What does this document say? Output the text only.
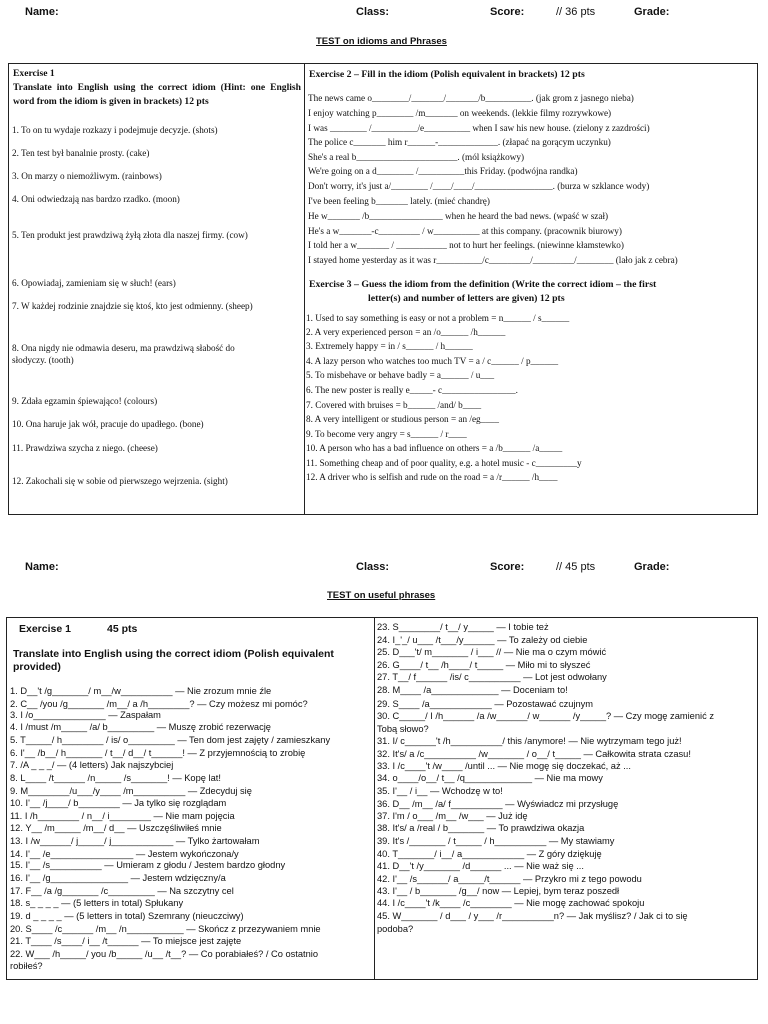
Name:	Class:	Score:	// 36 pts	Grade:
TEST on idioms and Phrases
Exercise 1
Translate into English using the correct idiom (Hint: one English word from the idiom is given in brackets) 12 pts
1. To on tu wydaje rozkazy i podejmuje decyzje. (shots)
2. Ten test był banalnie prosty. (cake)
3. On marzy o niemożliwym. (rainbows)
4. Oni odwiedzają nas bardzo rzadko. (moon)
5. Ten produkt jest prawdziwą żyłą złota dla naszej firmy. (cow)
6. Opowiadaj, zamieniam się w słuch! (ears)
7. W każdej rodzinie znajdzie się ktoś, kto jest odmienny. (sheep)
8. Ona nigdy nie odmawia deseru, ma prawdziwą słabość do
słodyczy. (tooth)
9. Zdała egzamin śpiewająco! (colours)
10. Ona haruje jak wół, pracuje do upadłego. (bone)
11. Prawdziwa szycha z niego. (cheese)
12. Zakochali się w sobie od pierwszego wejrzenia. (sight)
Exercise 2 – Fill in the idiom (Polish equivalent in brackets) 12 pts
The news came o________/_______/_______/b__________. (jak grom z jasnego nieba)
I enjoy watching p________ /m_______ on weekends. (lekkie filmy rozrywkowe)
I was ________ /__________/e__________ when I saw his new house. (zielony z zazdrości)
The police c_______ him r______-_____________. (złapać na gorącym uczynku)
She's a real b______________________. (mól książkowy)
We're going on a d________ /__________this Friday. (podwójna randka)
Don't worry, it's just a/________ /____/____/_________________. (burza w szklance wody)
I've been feeling b_______ lately. (mieć chandrę)
He w_______ /b________________ when he heard the bad news. (wpaść w szał)
He's a w_______-c_________ / w__________ at this company. (pracownik biurowy)
I told her a w_______ / ___________ not to hurt her feelings. (niewinne kłamstewko)
I stayed home yesterday as it was r__________/c_________/_________/________ (lało jak z cebra)
Exercise 3 – Guess the idiom from the definition (Write the correct idiom – the first
letter(s) and number of letters are given) 12 pts
1. Used to say something is easy or not a problem = n______ / s______
2. A very experienced person = an /o______ /h______
3. Extremely happy = in / s______ / h______
4. A lazy person who watches too much TV = a / c______ / p______
5. To misbehave or behave badly = a______ / u___
6. The new poster is really e_____- c________________.
7. Covered with bruises = b______ /and/ b____
8. A very intelligent or studious person = an /eg____
9. To become very angry = s______ / r____
10. A person who has a bad influence on others = a /b______ /a_____
11. Something cheap and of poor quality, e.g. a hotel music - c_________y
12. A driver who is selfish and rude on the road = a /r______ /h____
Name:	Class:	Score:	// 45 pts	Grade:
TEST on useful phrases
Exercise 1	45 pts
Translate into English using the correct idiom (Polish equivalent
provided)
1. D__'t /g_______/ m__/w__________ — Nie zrozum mnie źle
2. C__ /you /g_______ /m__/ a /h________? — Czy możesz mi pomóc?
3. I /o______________ — Zaspałam
4. I /must /m_____ /a/ b_________ — Muszę zrobić rezerwację
5. T_____/ h________ / is/ o_________ — Ten dom jest zajęty / zamieszkany
6. I'__ /b__/ h_______ / t__/ d__/ t______! — Z przyjemnością to zrobię
7. /A _ _ _/ — (4 letters) Jak najszybciej
8. L____ /t______ /n_____ /s_______! — Kopę lat!
9. M________/u___/y____ /m__________ — Zdecyduj się
10. I'__ /j____/ b________ — Ja tylko się rozglądam
11. I /h________ / n__/ i________ — Nie mam pojęcia
12. Y__ /m_____ /m__/ d__ — Uszczęśliwiłeś mnie
13. I /w______/ j_____/ j____________ — Tylko żartowałam
14. I'__ /e________________ — Jestem wykończona/y
15. I'__ /s__________ — Umieram z głodu / Jestem bardzo głodny
16. I'__ /g_______________ — Jestem wdzięczny/a
17. F__ /a /g_______ /c_________ — Na szczytny cel
18. s_ _ _ _ — (5 letters in total) Spłukany
19. d _ _ _ _ — (5 letters in total) Szemrany (nieuczciwy)
20. S____ /c______ /m__ /n___________ — Skończ z przezywaniem mnie
21. T____ /s____/ i__ /t______ — To miejsce jest zajęte
22. W___ /h_____/ you /b_____ /u__ /t__? — Co porabiałeś? / Co ostatnio
robiłeś?
23. S________/ t__/ y_____ — I tobie też
24. I_'_/ u___ /t___/y______ — To zależy od ciebie
25. D___'t/ m_______ / i___ // — Nie ma o czym mówić
26. G____/ t__ /h____/ t_____ — Miło mi to słyszeć
27. T__/ f______ /is/ c__________ — Lot jest odwołany
28. M____ /a_____________ — Doceniam to!
29. S____ /a____________ — Pozostawać czujnym
30. C_____/ I /h______ /a /w______/ w______ /y_____? — Czy mogę zamienić z
Tobą słowo?
31. I/ c______'t /h__________/ this /anymore! — Nie wytrzymam tego już!
32. It's/ a /c__________ /w_______ / o__/ t_____ — Całkowita strata czasu!
33. I /c____'t /w____ /until ... — Nie mogę się doczekać, aż ...
34. o____/o__/ t__ /q_____________ — Nie ma mowy
35. I'__ / i__ — Wchodzę w to!
36. D__ /m__ /a/ f__________ — Wyświadcz mi przysługę
37. I'm / o___ /m__ /w___ — Już idę
38. It's/ a /real / b_______ — To prawdziwa okazja
39. It's /_______ / t_____ / h__________ — My stawiamy
40. T_______/ i__/ a____________ — Z góry dziękuję
41. D__'t /y_______ /d______ ... — Nie waż się ...
42. I'__ /s______/ a_____/t______ — Przykro mi z tego powodu
43. I'__ / b_______ /g__/ now — Lepiej, bym teraz poszedł
44. I /c____'t /k____ /c________ — Nie mogę zachować spokoju
45. W_______ / d___ / y___ /r__________n? — Jak myślisz? / Jak ci to się
podoba?
